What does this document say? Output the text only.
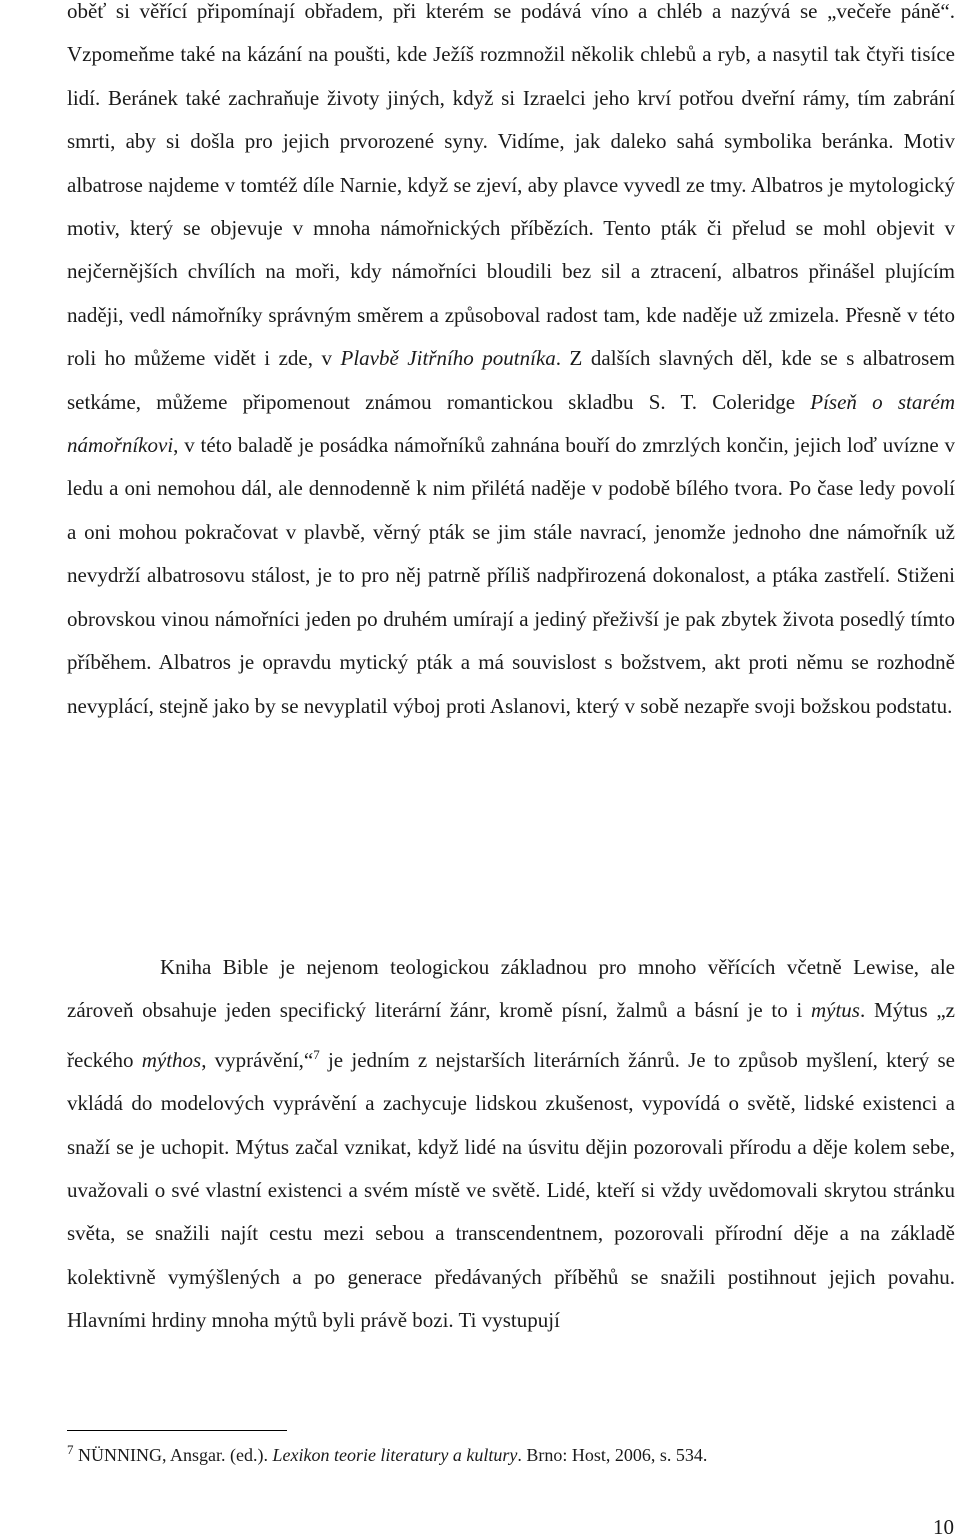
oběť si věřící připomínají obřadem, při kterém se podává víno a chléb a nazývá se „večeře páně“. Vzpomeňme také na kázání na poušti, kde Ježíš rozmnožil několik chlebů a ryb, a nasytil tak čtyři tisíce lidí. Beránek také zachraňuje životy jiných, když si Izraelci jeho krví potřou dveřní rámy, tím zabrání smrti, aby si došla pro jejich prvorozené syny. Vidíme, jak daleko sahá symbolika beránka. Motiv albatrose najdeme v tomtéž díle Narnie, když se zjeví, aby plavce vyvedl ze tmy. Albatros je mytologický motiv, který se objevuje v mnoha námořnických příbězích. Tento pták či přelud se mohl objevit v nejčernějších chvílích na moři, kdy námořníci bloudili bez sil a ztracení, albatros přinášel plujícím naději, vedl námořníky správným směrem a způsoboval radost tam, kde naděje už zmizela. Přesně v této roli ho můžeme vidět i zde, v Plavbě Jitřního poutníka. Z dalších slavných děl, kde se s albatrosem setkáme, můžeme připomenout známou romantickou skladbu S. T. Coleridge Píseň o starém námořníkovi, v této baladě je posádka námořníků zahnána bouří do zmrzlých končin, jejich loď uvízne v ledu a oni nemohou dál, ale dennodenně k nim přilétá naděje v podobě bílého tvora. Po čase ledy povolí a oni mohou pokračovat v plavbě, věrný pták se jim stále navrací, jenomže jednoho dne námořník už nevydrží albatrosovu stálost, je to pro něj patrně příliš nadpřirozená dokonalost, a ptáka zastřelí. Stiženi obrovskou vinou námořníci jeden po druhém umírají a jediný přeživší je pak zbytek života posedlý tímto příběhem. Albatros je opravdu mytický pták a má souvislost s božstvem, akt proti němu se rozhodně nevyplácí, stejně jako by se nevyplatil výboj proti Aslanovi, který v sobě nezapře svoji božskou podstatu.

Kniha Bible je nejenom teologickou základnou pro mnoho věřících včetně Lewise, ale zároveň obsahuje jeden specifický literární žánr, kromě písní, žalmů a básní je to i mýtus. Mýtus „z řeckého mýthos, vyprávění,“$^7$ je jedním z nejstarších literárních žánrů. Je to způsob myšlení, který se vkládá do modelových vyprávění a zachycuje lidskou zkušenost, vypovídá o světě, lidské existenci a snaží se je uchopit. Mýtus začal vznikat, když lidé na úsvitu dějin pozorovali přírodu a děje kolem sebe, uvažovali o své vlastní existenci a svém místě ve světě. Lidé, kteří si vždy uvědomovali skrytou stránku světa, se snažili najít cestu mezi sebou a transcendentnem, pozorovali přírodní děje a na základě kolektivně vymýšlených a po generace předávaných příběhů se snažili postihnout jejich povahu. Hlavními hrdiny mnoha mýtů byli právě bozi. Ti vystupují

$^7$ NÜNNING, Ansgar. (ed.). Lexikon teorie literatury a kultury. Brno: Host, 2006, s. 534.

10
